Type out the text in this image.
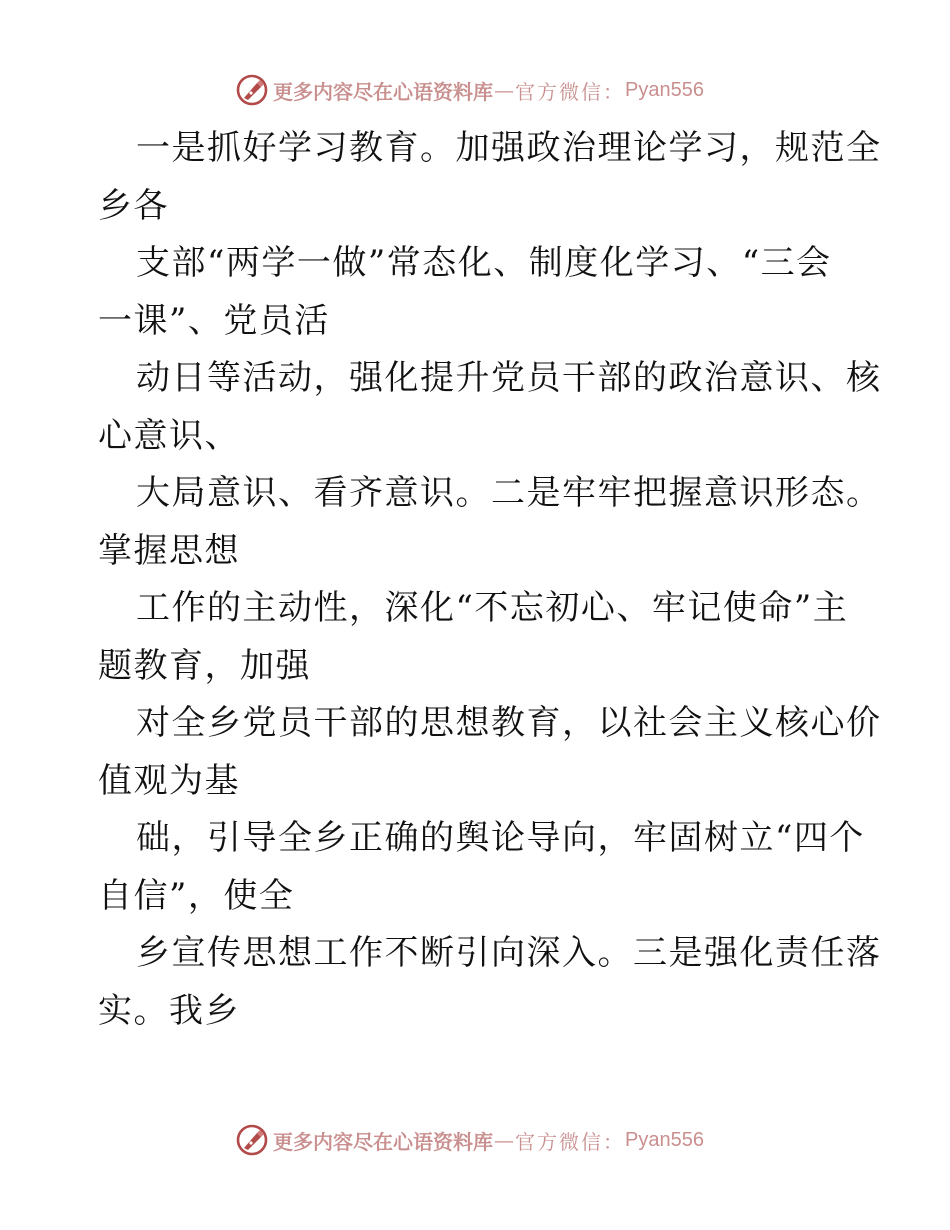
更多内容尽在心语资料库 — 官方微信： Pyan556
一是抓好学习教育。加强政治理论学习，规范全
乡各
支部“两学一做”常态化、制度化学习、“三会
一课”、党员活
动日等活动，强化提升党员干部的政治意识、核
心意识、
大局意识、看齐意识。二是牢牢把握意识形态。
掌握思想
工作的主动性，深化“不忘初心、牢记使命”主
题教育，加强
对全乡党员干部的思想教育，以社会主义核心价
值观为基
础，引导全乡正确的舆论导向，牢固树立“四个
自信”，使全
乡宣传思想工作不断引向深入。三是强化责任落
实。我乡
更多内容尽在心语资料库 — 官方微信： Pyan556
